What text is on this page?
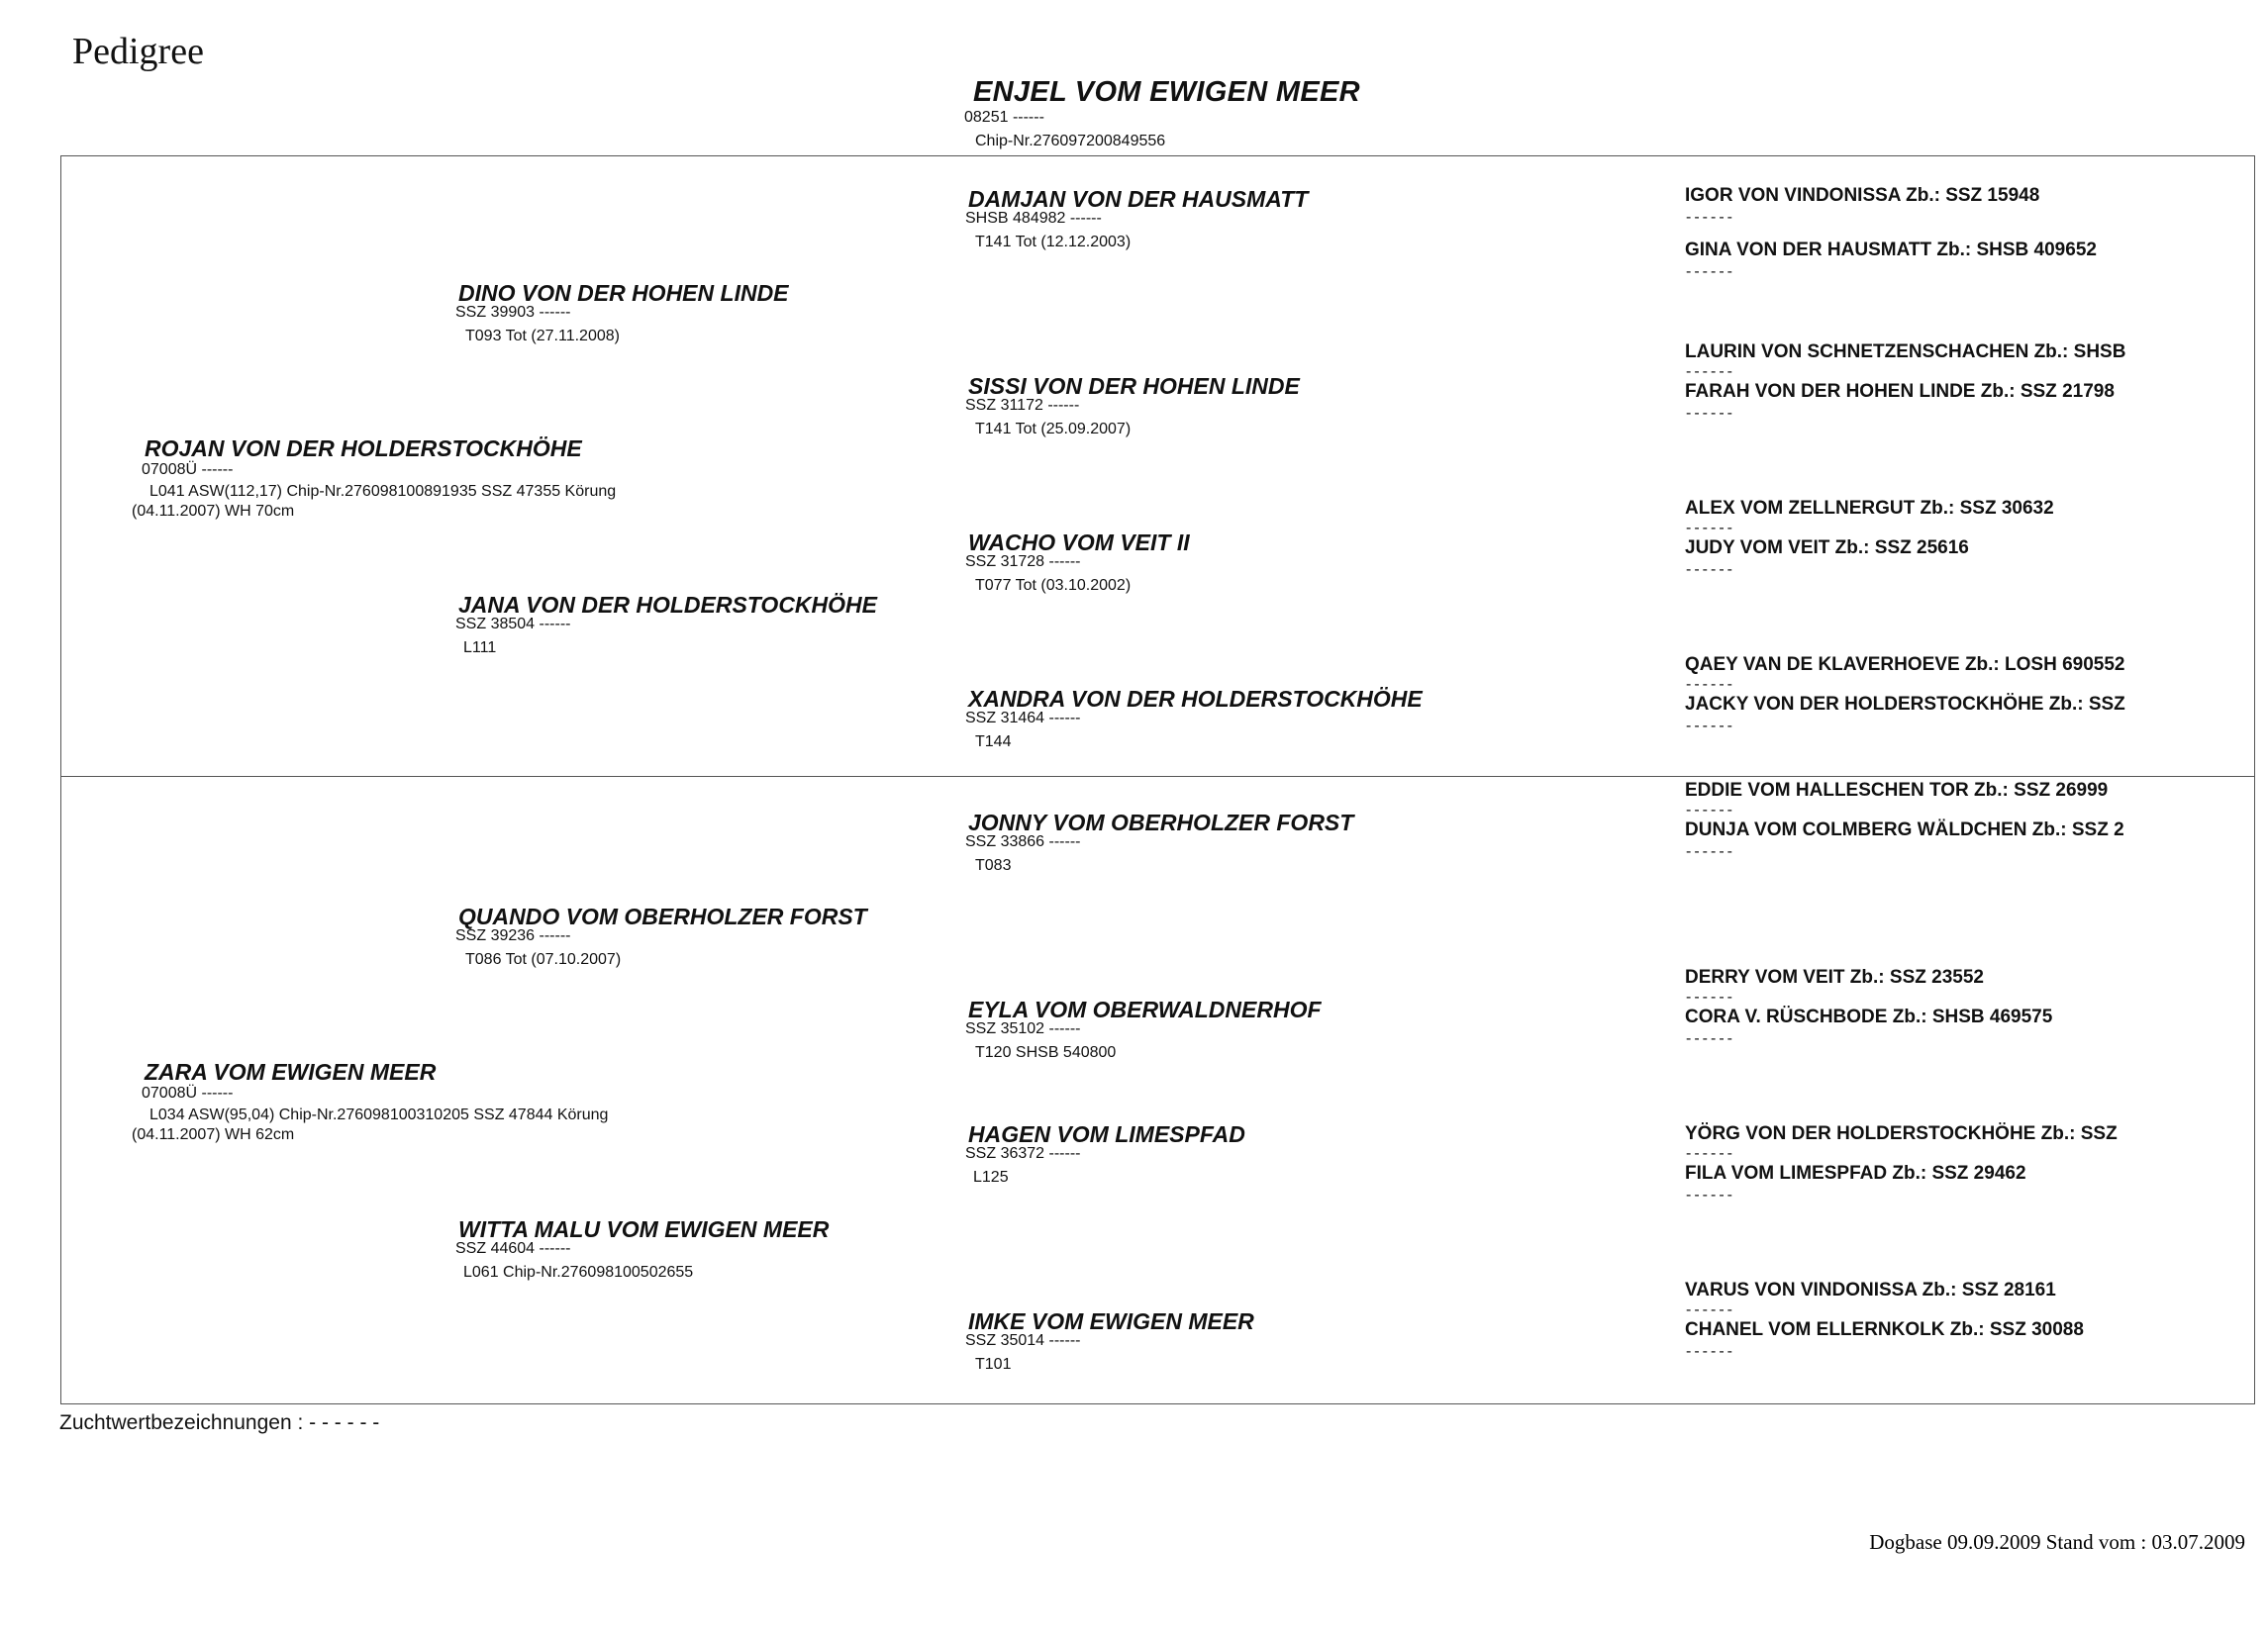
Pedigree
ENJEL VOM EWIGEN MEER
08251 ------
Chip-Nr.276097200849556
ROJAN VON DER HOLDERSTOCKHÖHE
07008Ü ------
L041 ASW(112,17) Chip-Nr.276098100891935 SSZ 47355 Körung
(04.11.2007) WH 70cm
ZARA VOM EWIGEN MEER
07008Ü ------
L034 ASW(95,04) Chip-Nr.276098100310205 SSZ 47844 Körung
(04.11.2007) WH 62cm
DINO VON DER HOHEN LINDE
SSZ 39903 ------
T093 Tot (27.11.2008)
JANA VON DER HOLDERSTOCKHÖHE
SSZ 38504 ------
L111
QUANDO VOM OBERHOLZER FORST
SSZ 39236 ------
T086 Tot (07.10.2007)
WITTA MALU VOM EWIGEN MEER
SSZ 44604 ------
L061 Chip-Nr.276098100502655
DAMJAN VON DER HAUSMATT
SHSB 484982 ------
T141 Tot (12.12.2003)
SISSI VON DER HOHEN LINDE
SSZ 31172 ------
T141 Tot (25.09.2007)
WACHO VOM VEIT II
SSZ 31728 ------
T077 Tot (03.10.2002)
XANDRA VON DER HOLDERSTOCKHÖHE
SSZ 31464 ------
T144
JONNY VOM OBERHOLZER FORST
SSZ 33866 ------
T083
EYLA VOM OBERWALDNERHOF
SSZ 35102 ------
T120 SHSB 540800
HAGEN VOM LIMESPFAD
SSZ 36372 ------
L125
IMKE VOM EWIGEN MEER
SSZ 35014 ------
T101
IGOR VON VINDONISSA Zb.: SSZ 15948
------
GINA VON DER HAUSMATT Zb.: SHSB 409652
------
LAURIN VON SCHNETZENSCHACHEN Zb.: SHSB
------
FARAH VON DER HOHEN LINDE Zb.: SSZ 21798
------
ALEX VOM ZELLNERGUT Zb.: SSZ 30632
------
JUDY VOM VEIT Zb.: SSZ 25616
------
QAEY VAN DE KLAVERHOEVE Zb.: LOSH 690552
------
JACKY VON DER HOLDERSTOCKHÖHE Zb.: SSZ
------
EDDIE VOM HALLESCHEN TOR Zb.: SSZ 26999
------
DUNJA VOM COLMBERG WÄLDCHEN Zb.: SSZ 2
------
DERRY VOM VEIT Zb.: SSZ 23552
------
CORA V. RÜSCHBODE Zb.: SHSB 469575
------
YÖRG VON DER HOLDERSTOCKHÖHE Zb.: SSZ
------
FILA VOM LIMESPFAD Zb.: SSZ 29462
------
VARUS VON VINDONISSA Zb.: SSZ 28161
------
CHANEL VOM ELLERNKOLK Zb.: SSZ 30088
------
Zuchtwertbezeichnungen : - - - - - -
Dogbase 09.09.2009 Stand vom : 03.07.2009
